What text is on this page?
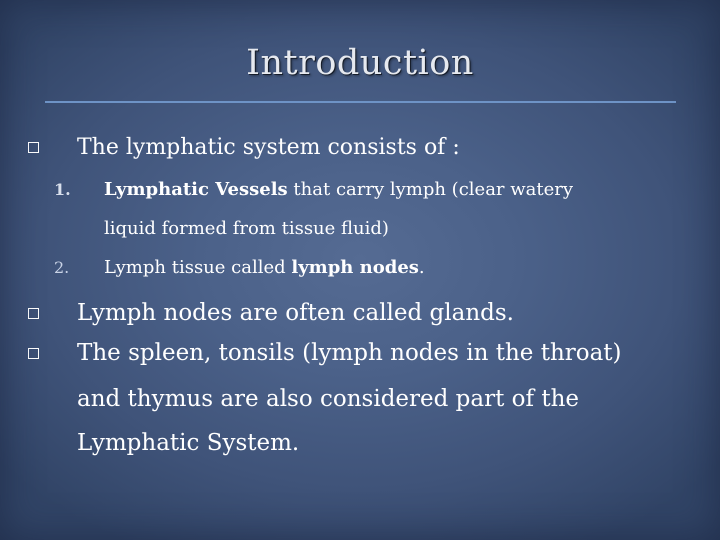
Introduction
The lymphatic system consists of :
1. Lymphatic Vessels that carry lymph (clear watery
liquid formed from tissue fluid)
2. Lymph tissue called lymph nodes.
Lymph nodes are often called glands.
The spleen, tonsils (lymph nodes in the throat)
and thymus are also considered part of the
Lymphatic System.
